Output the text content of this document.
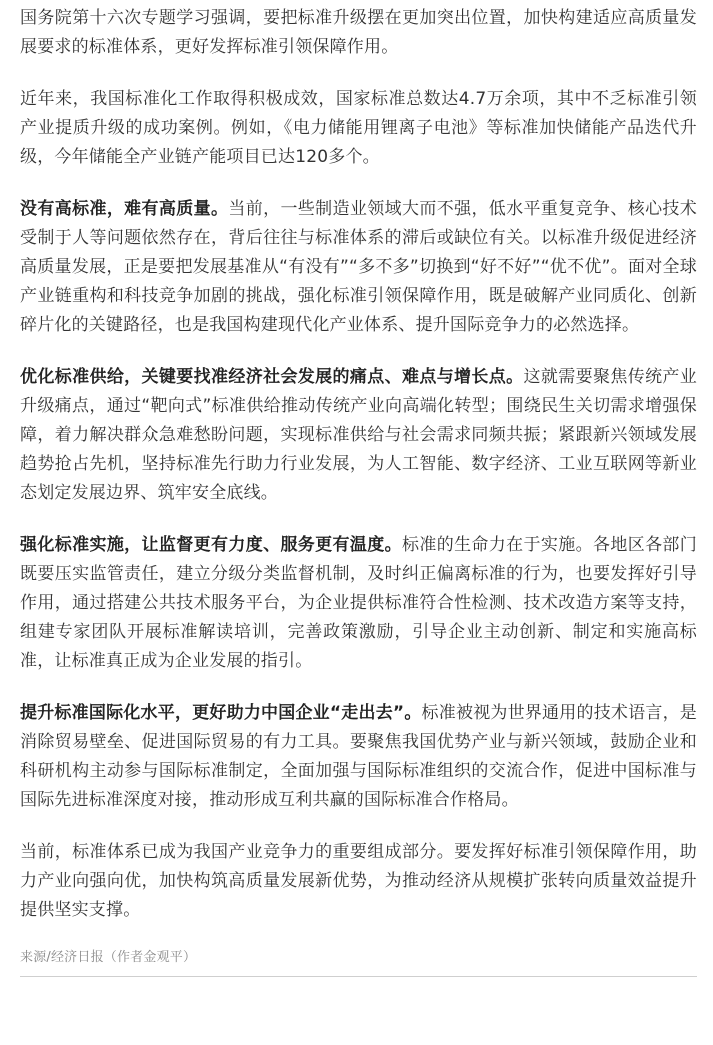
国务院第十六次专题学习强调，要把标准升级摆在更加突出位置，加快构建适应高质量发展要求的标准体系，更好发挥标准引领保障作用。

近年来，我国标准化工作取得积极成效，国家标准总数达4.7万余项，其中不乏标准引领产业提质升级的成功案例。例如，《电力储能用锂离子电池》等标准加快储能产品迭代升级，今年储能全产业链产能项目已达120多个。

没有高标准，难有高质量。当前，一些制造业领域大而不强，低水平重复竞争、核心技术受制于人等问题依然存在，背后往往与标准体系的滞后或缺位有关。以标准升级促进经济高质量发展，正是要把发展基准从“有没有”“多不多”切换到“好不好”“优不优”。面对全球产业链重构和科技竞争加剧的挑战，强化标准引领保障作用，既是破解产业同质化、创新碎片化的关键路径，也是我国构建现代化产业体系、提升国际竞争力的必然选择。

优化标准供给，关键要找准经济社会发展的痛点、难点与增长点。这就需要聚焦传统产业升级痛点，通过“靶向式”标准供给推动传统产业向高端化转型；围绕民生关切需求增强保障，着力解决群众急难愁盼问题，实现标准供给与社会需求同频共振；紧跟新兴领域发展趋势抢占先机，坚持标准先行助力行业发展，为人工智能、数字经济、工业互联网等新业态划定发展边界、筑牢安全底线。

强化标准实施，让监督更有力度、服务更有温度。标准的生命力在于实施。各地区各部门既要压实监管责任，建立分级分类监督机制，及时纠正偏离标准的行为，也要发挥好引导作用，通过搭建公共技术服务平台，为企业提供标准符合性检测、技术改造方案等支持，组建专家团队开展标准解读培训，完善政策激励，引导企业主动创新、制定和实施高标准，让标准真正成为企业发展的指引。

提升标准国际化水平，更好助力中国企业“走出去”。标准被视为世界通用的技术语言，是消除贸易壁垒、促进国际贸易的有力工具。要聚焦我国优势产业与新兴领域，鼓励企业和科研机构主动参与国际标准制定，全面加强与国际标准组织的交流合作，促进中国标准与国际先进标准深度对接，推动形成互利共赢的国际标准合作格局。

当前，标准体系已成为我国产业竞争力的重要组成部分。要发挥好标准引领保障作用，助力产业向强向优，加快构筑高质量发展新优势，为推动经济从规模扩张转向质量效益提升提供坚实支撑。

来源/经济日报（作者金观平）
